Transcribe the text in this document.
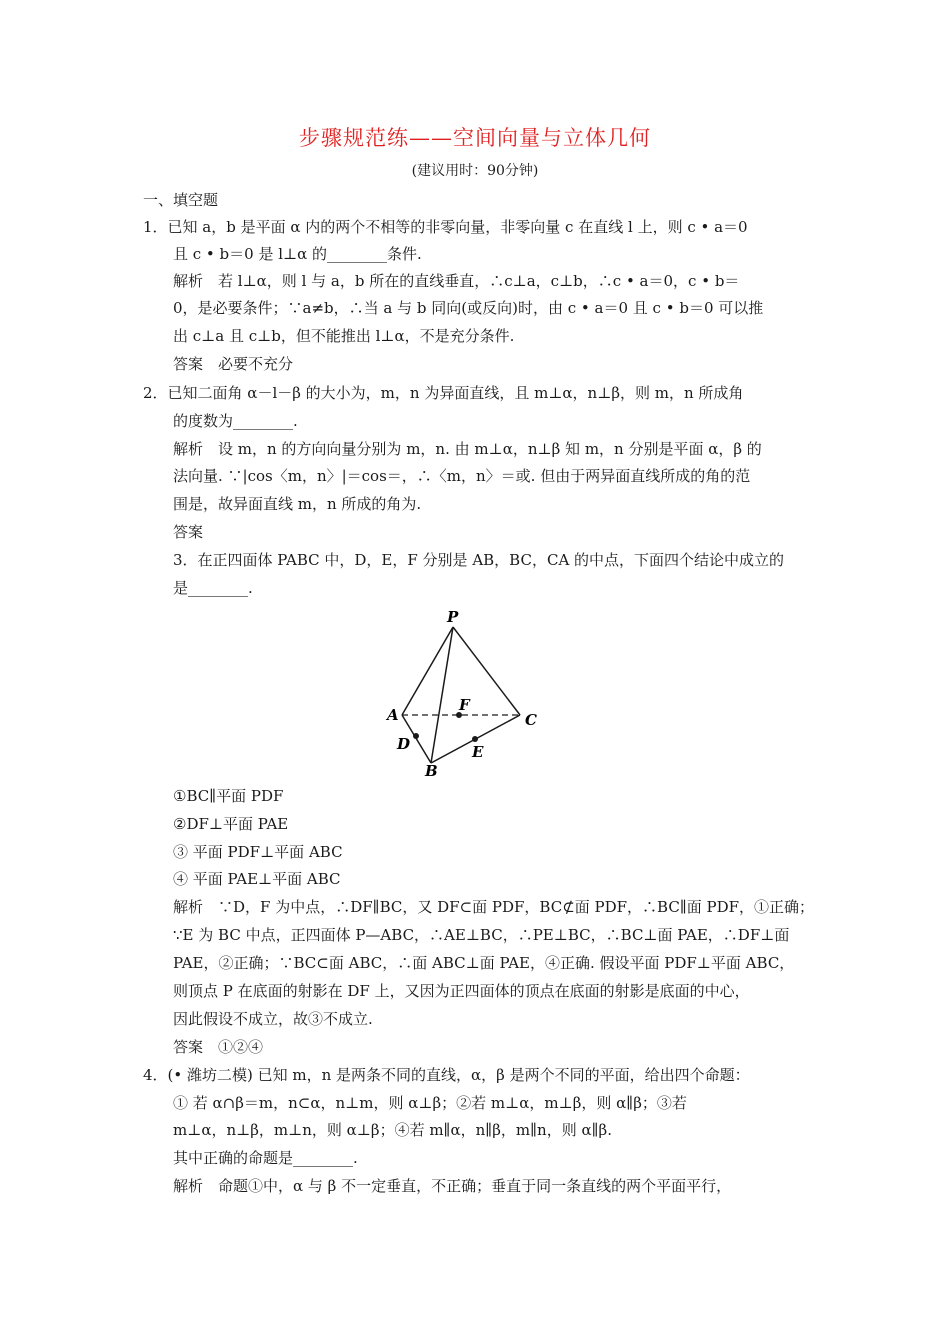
步骤规范练——空间向量与立体几何
(建议用时：90分钟)
一、填空题
1．已知 a，b 是平面 α 内的两个不相等的非零向量，非零向量 c 在直线 l 上，则 c • a＝0
且 c • b＝0 是 l⊥α 的________条件.
解析　若 l⊥α，则 l 与 a，b 所在的直线垂直，∴c⊥a，c⊥b，∴c • a＝0，c • b＝
0，是必要条件；∵a≠b，∴当 a 与 b 同向(或反向)时，由 c • a＝0 且 c • b＝0 可以推
出 c⊥a 且 c⊥b，但不能推出 l⊥α，不是充分条件.
答案　必要不充分
2．已知二面角 α－l－β 的大小为，m，n 为异面直线，且 m⊥α，n⊥β，则 m，n 所成角
的度数为________.
解析　设 m，n 的方向向量分别为 m，n. 由 m⊥α，n⊥β 知 m，n 分别是平面 α，β 的
法向量. ∵|cos〈m，n〉|＝cos＝，∴〈m，n〉＝或. 但由于两异面直线所成的角的范
围是，故异面直线 m，n 所成的角为.
答案
3．在正四面体 PABC 中，D，E，F 分别是 AB，BC，CA 的中点，下面四个结论中成立的
是________.
P
A	C
B
D	E
F
①BC∥平面 PDF
②DF⊥平面 PAE
③ 平面 PDF⊥平面 ABC
④ 平面 PAE⊥平面 ABC
解析　∵D，F 为中点，∴DF∥BC，又 DF⊂面 PDF，BC⊄面 PDF，∴BC∥面 PDF，①正确；
∵E 为 BC 中点，正四面体 P—ABC，∴AE⊥BC，∴PE⊥BC，∴BC⊥面 PAE，∴DF⊥面
PAE，②正确；∵BC⊂面 ABC，∴面 ABC⊥面 PAE，④正确. 假设平面 PDF⊥平面 ABC，
则顶点 P 在底面的射影在 DF 上，又因为正四面体的顶点在底面的射影是底面的中心，
因此假设不成立，故③不成立.
答案　①②④
4．(• 潍坊二模) 已知 m，n 是两条不同的直线，α，β 是两个不同的平面，给出四个命题：
① 若 α∩β＝m，n⊂α，n⊥m，则 α⊥β；②若 m⊥α，m⊥β，则 α∥β；③若
m⊥α，n⊥β，m⊥n，则 α⊥β；④若 m∥α，n∥β，m∥n，则 α∥β.
其中正确的命题是________.
解析　命题①中，α 与 β 不一定垂直，不正确；垂直于同一条直线的两个平面平行，
